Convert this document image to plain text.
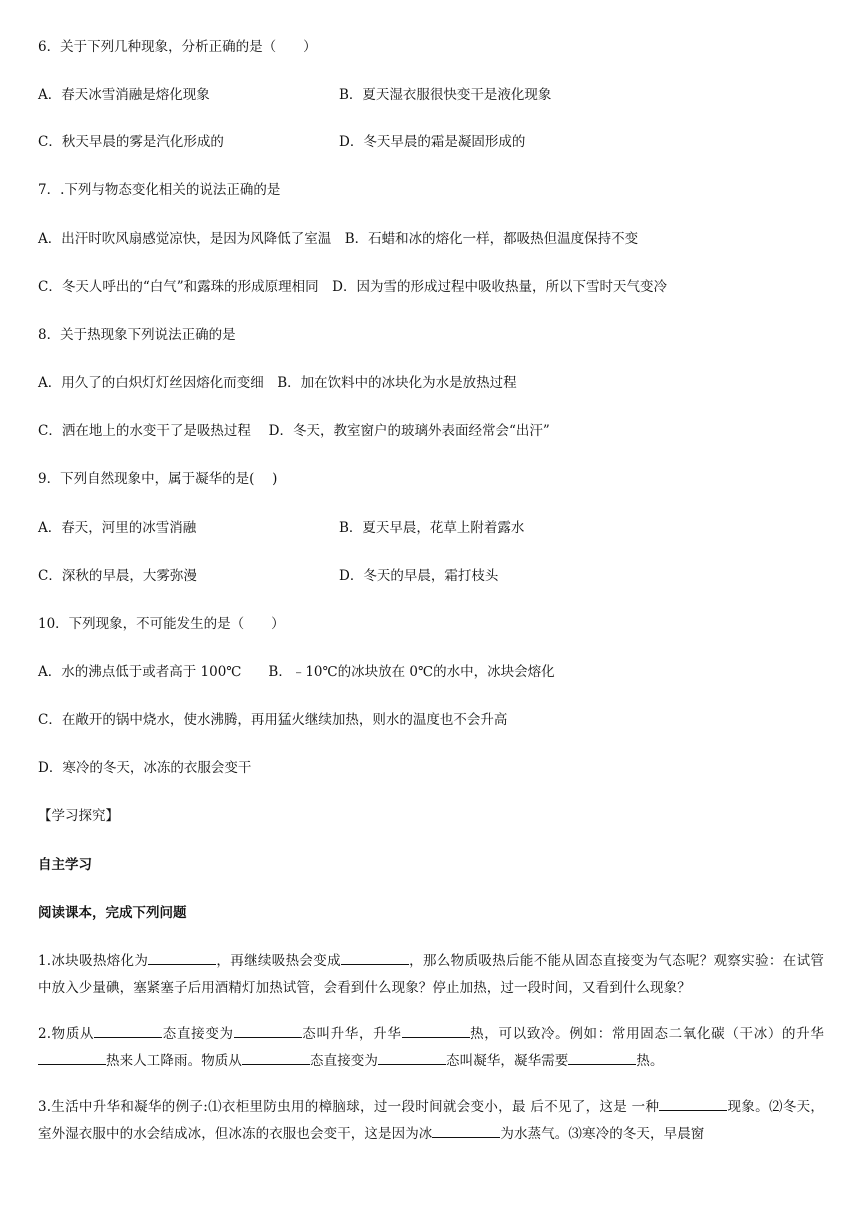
6．关于下列几种现象，分析正确的是（　　）
A．春天冰雪消融是熔化现象	B．夏天湿衣服很快变干是液化现象
C．秋天早晨的雾是汽化形成的	D．冬天早晨的霜是凝固形成的
7．.下列与物态变化相关的说法正确的是
A．出汗时吹风扇感觉凉快，是因为风降低了室温　B．石蜡和冰的熔化一样，都吸热但温度保持不变
C．冬天人呼出的“白气”和露珠的形成原理相同　D．因为雪的形成过程中吸收热量，所以下雪时天气变冷
8．关于热现象下列说法正确的是
A．用久了的白炽灯灯丝因熔化而变细　B．加在饮料中的冰块化为水是放热过程
C．洒在地上的水变干了是吸热过程　 D．冬天，教室窗户的玻璃外表面经常会“出汗”
9．下列自然现象中，属于凝华的是(　 )
A．春天，河里的冰雪消融	B．夏天早晨，花草上附着露水
C．深秋的早晨，大雾弥漫	D．冬天的早晨，霜打枝头
10．下列现象，不可能发生的是（　　）
A．水的沸点低于或者高于 100℃　　B．﹣10℃的冰块放在 0℃的水中，冰块会熔化
C．在敞开的锅中烧水，使水沸腾，再用猛火继续加热，则水的温度也不会升高
D．寒冷的冬天，冰冻的衣服会变干
【学习探究】
自主学习
阅读课本，完成下列问题
1.冰块吸热熔化为	，再继续吸热会变成	，那么物质吸热后能不能从固态直接变为气态呢？观察实验：在试管中放入少量碘，塞紧塞子后用酒精灯加热试管，会看到什么现象？停止加热，过一段时间，又看到什么现象？
2.物质从	态直接变为	态叫升华，升华	热，可以致冷。例如：常用固态二氧化碳（干冰）的升华热来人工降雨。物质从	态直接变为	态叫凝华，凝华需要	热。
3.生活中升华和凝华的例子:⑴衣柜里防虫用的樟脑球，过一段时间就会变小，最 后不见了，这是 一种	现象。⑵冬天，室外湿衣服中的水会结成冰，但冰冻的衣服也会变干，这是因为冰	为水蒸气。⑶寒冷的冬天，早晨窗
